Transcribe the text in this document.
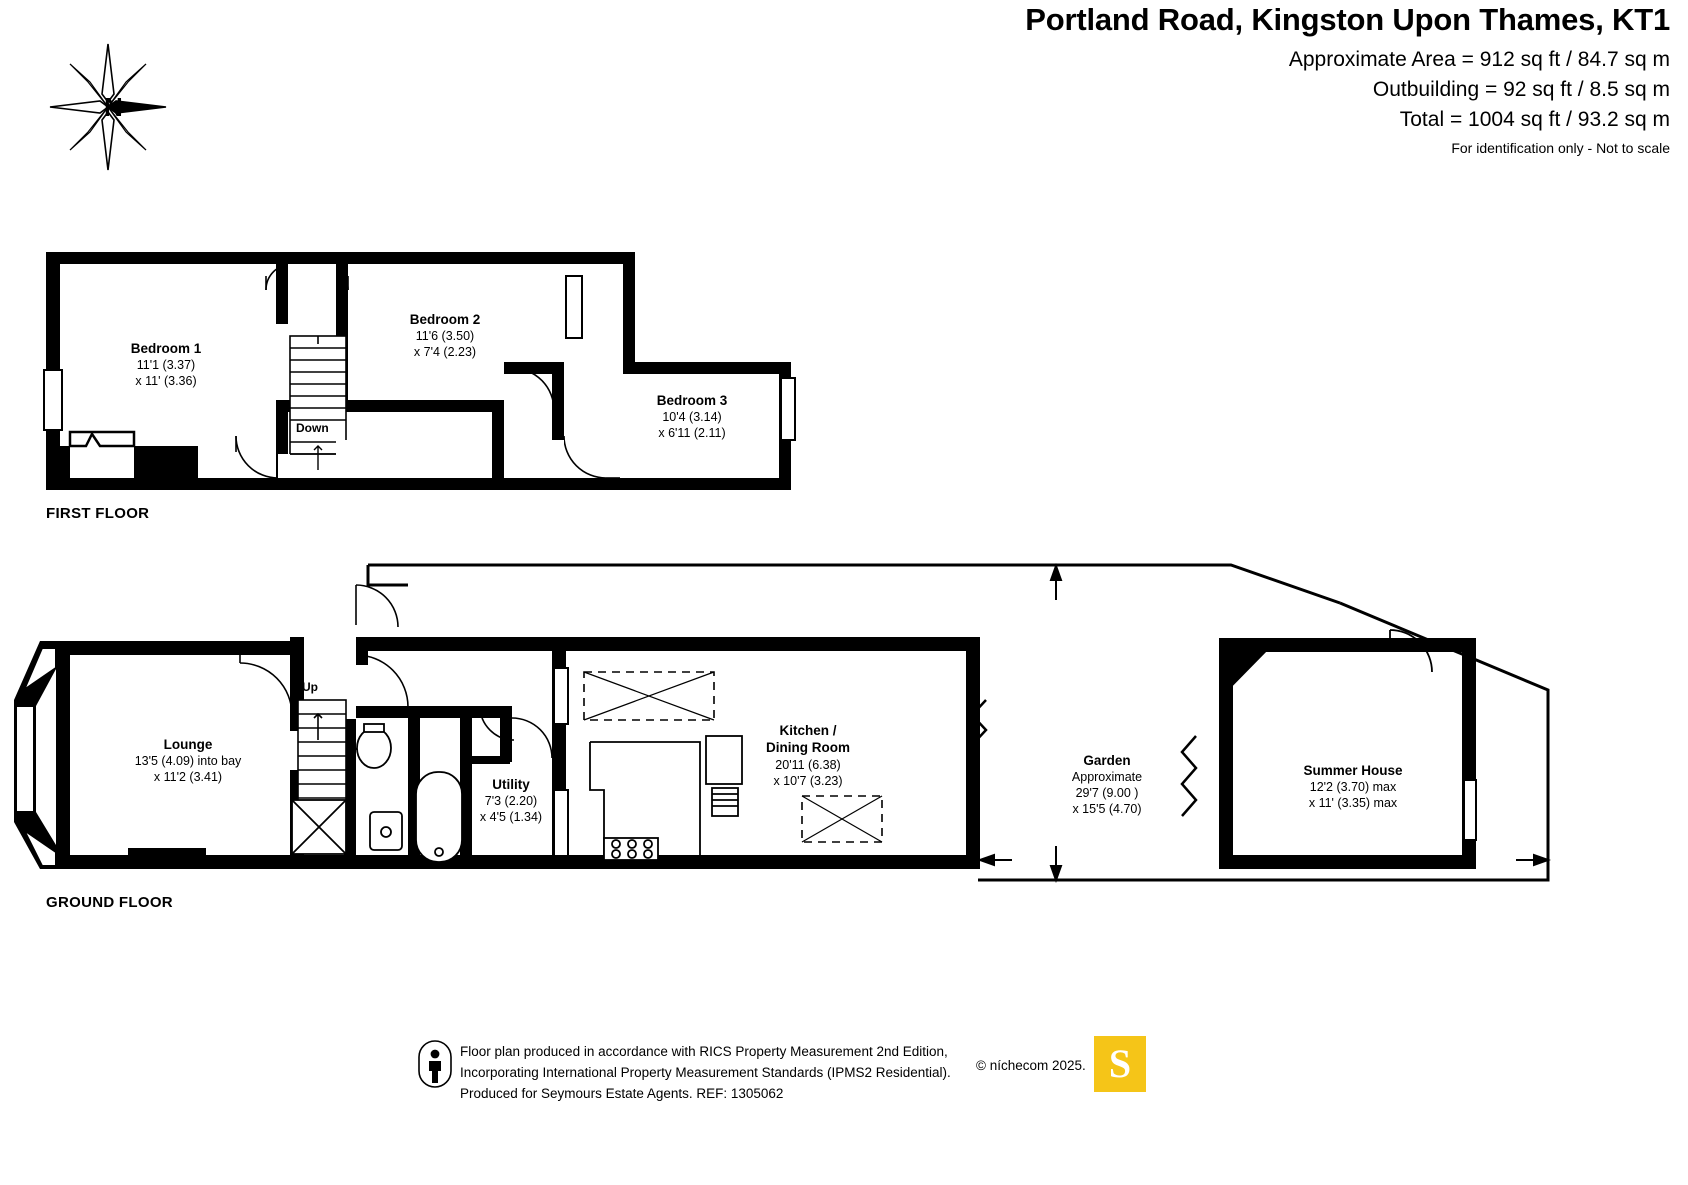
Portland Road, Kingston Upon Thames, KT1
Approximate Area = 912 sq ft / 84.7 sq m
Outbuilding = 92 sq ft / 8.5 sq m
Total = 1004 sq ft / 93.2 sq m
For identification only - Not to scale
N
FIRST FLOOR
Bedroom 1
11'1 (3.37)
x 11' (3.36)
Bedroom 2
11'6 (3.50)
x 7'4 (2.23)
Bedroom 3
10'4 (3.14)
x 6'11 (2.11)
Down
GROUND FLOOR
Lounge
13'5 (4.09) into bay
x 11'2 (3.41)	Utility
7'3 (2.20)
x 4'5 (1.34)
Kitchen /
Dining Room
20'11 (6.38)
x 10'7 (3.23)
Garden
Approximate
29'7 (9.00 )
x 15'5 (4.70)
Summer House
12'2 (3.70) max
x 11' (3.35) max
Up
Floor plan produced in accordance with RICS Property Measurement 2nd Edition,
Incorporating International Property Measurement Standards (IPMS2 Residential).
Produced for Seymours Estate Agents. REF: 1305062
© níchecom 2025. S
